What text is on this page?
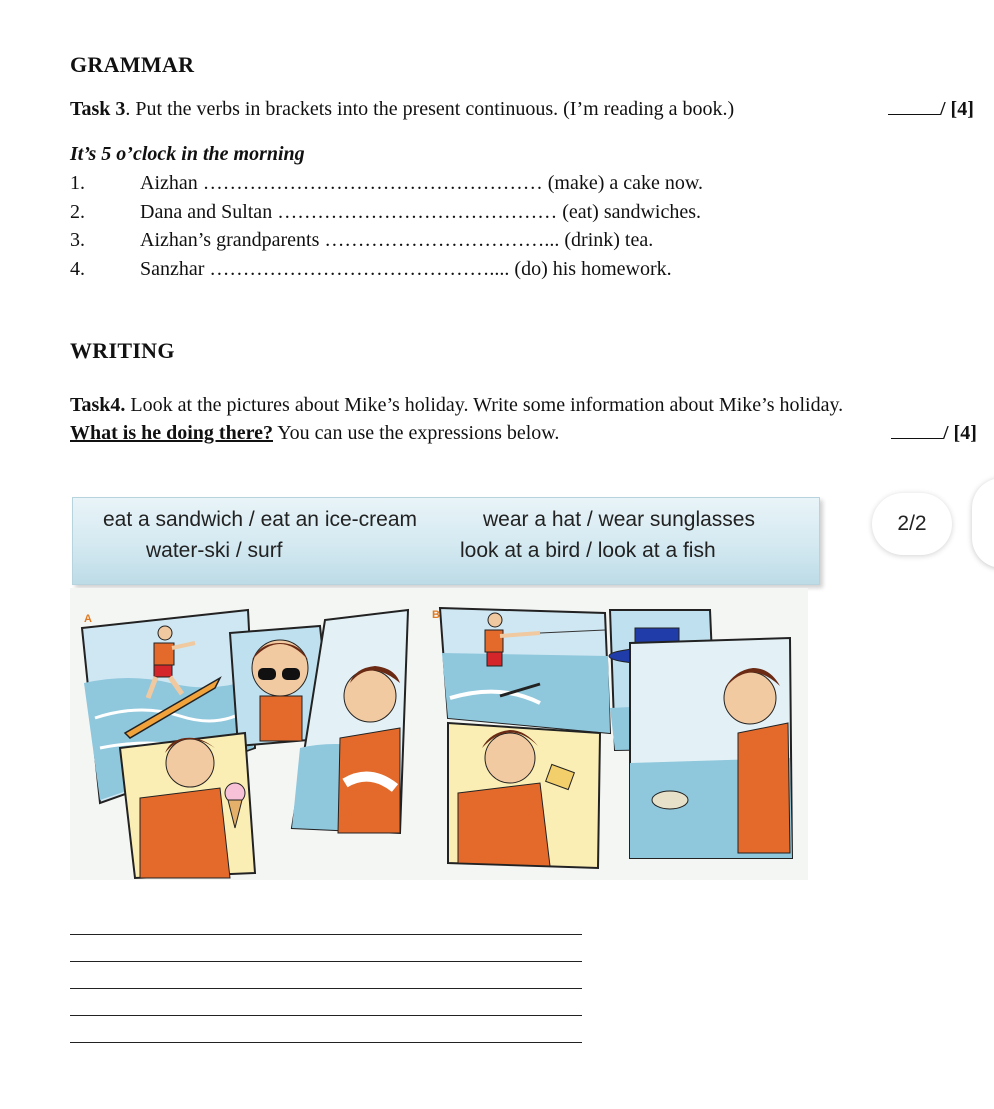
GRAMMAR
Task 3. Put the verbs in brackets into the present continuous. (I’m reading a book.)	/ [4]
It’s 5 o’clock in the morning
1.	Aizhan …………………………………………… (make) a cake now.
2.	Dana and Sultan …………………………………… (eat) sandwiches.
3.	Aizhan’s grandparents ……………………………... (drink) tea.
4.	Sanzhar …………………………………….... (do) his homework.
WRITING
Task4. Look at the pictures about Mike’s holiday. Write some information about Mike’s holiday.
What is he doing there? You can use the expressions below.	/ [4]
eat a sandwich / eat an ice-cream	wear a hat / wear sunglasses
water-ski / surf	look at a bird / look at a fish
2/2
A	B
